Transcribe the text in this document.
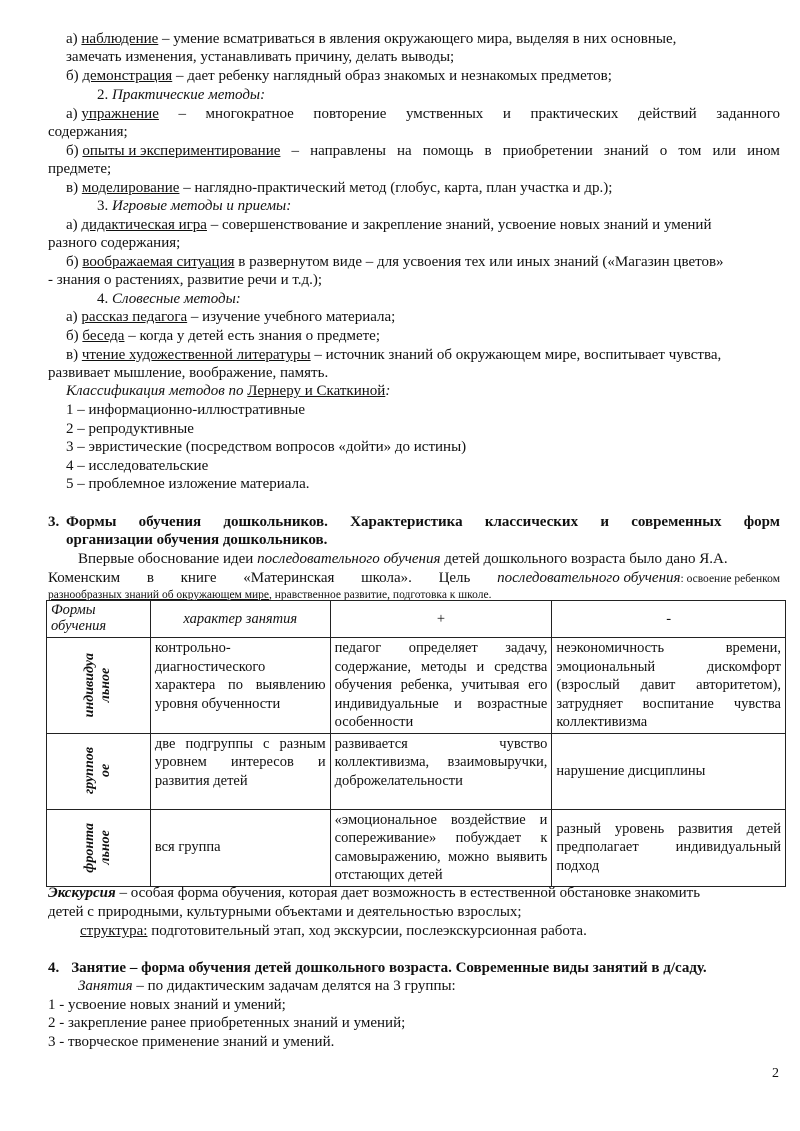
а) наблюдение – умение всматриваться в явления окружающего мира, выделяя в них основные,
замечать изменения, устанавливать причину, делать выводы;
б) демонстрация – дает ребенку наглядный образ знакомых и незнакомых предметов;
2. Практические методы:
а) упражнение – многократное повторение умственных и практических действий заданного
содержания;
б) опыты и экспериментирование – направлены на помощь в приобретении знаний о том или ином
предмете;
в) моделирование – наглядно-практический метод (глобус, карта, план участка и др.);
3. Игровые методы и приемы:
а) дидактическая игра – совершенствование и закрепление знаний, усвоение новых знаний и умений
разного содержания;
б) воображаемая ситуация в развернутом виде – для усвоения тех или иных знаний («Магазин цветов»
- знания о растениях, развитие речи и т.д.);
4. Словесные методы:
а) рассказ педагога – изучение учебного материала;
б) беседа – когда у детей есть знания о предмете;
в) чтение художественной литературы – источник знаний об окружающем мире, воспитывает чувства,
развивает мышление, воображение, память.
Классификация методов по Лернеру и Скаткиной:
1 – информационно-иллюстративные
2 – репродуктивные
3 – эвристические (посредством вопросов «дойти» до истины)
4 – исследовательские
5 – проблемное изложение материала.
3. Формы обучения дошкольников. Характеристика классических и современных форм
организации обучения дошкольников.
Впервые обоснование идеи последовательного обучения детей дошкольного возраста было дано Я.А.
Коменским в книге «Материнская школа». Цель последовательного обучения: освоение ребенком
разнообразных знаний об окружающем мире, нравственное развитие, подготовка к школе.
Формы
обучения	характер занятия	+	-

индивидуа
льное	контрольно-диагностического характера по выявлению уровня обученности	педагог определяет задачу, содержание, методы и средства обучения ребенка, учитывая его индивидуальные и возрастные особенности	неэкономичность времени, эмоциональный дискомфорт (взрослый давит авторитетом), затрудняет воспитание чувства коллективизма

группов
ое	две подгруппы с разным уровнем интересов и развития детей	развивается чувство коллективизма, взаимовыручки, доброжелательности	нарушение дисциплины

фронта
льное	вся группа	«эмоциональное воздействие и сопереживание» побуждает к самовыражению, можно выявить отстающих детей	разный уровень развития детей предполагает индивидуальный подход
Экскурсия – особая форма обучения, которая дает возможность в естественной обстановке знакомить
детей с природными, культурными объектами и деятельностью взрослых;
структура: подготовительный этап, ход экскурсии, послеэкскурсионная работа.
4. Занятие – форма обучения детей дошкольного возраста. Современные виды занятий в д/саду.
Занятия – по дидактическим задачам делятся на 3 группы:
1 - усвоение новых знаний и умений;
2 - закрепление ранее приобретенных знаний и умений;
3 - творческое применение знаний и умений.
2
